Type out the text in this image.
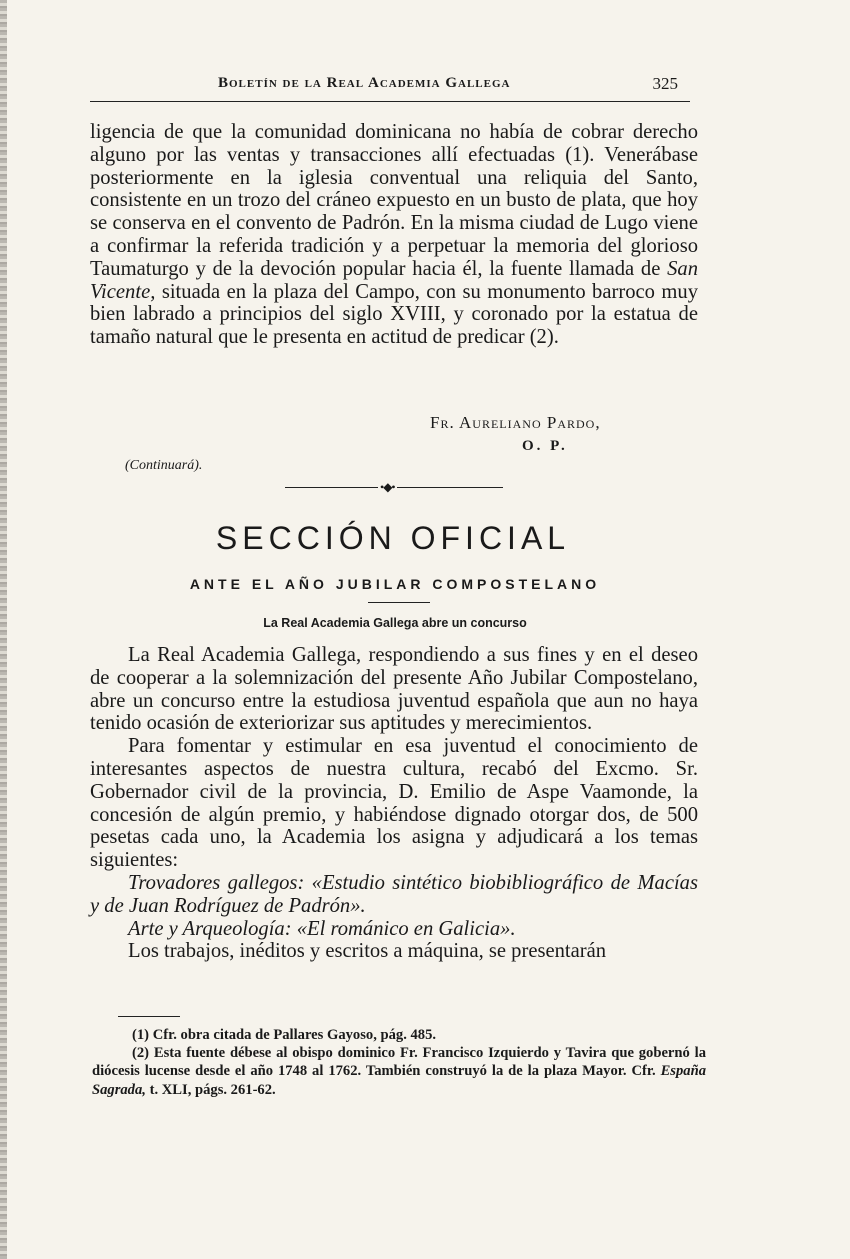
Boletín de la Real Academia Gallega	325

ligencia de que la comunidad dominicana no había de cobrar derecho alguno por las ventas y transacciones allí efectuadas (1). Venerábase posteriormente en la iglesia conventual una reliquia del Santo, consistente en un trozo del cráneo expuesto en un busto de plata, que hoy se conserva en el convento de Padrón. En la misma ciudad de Lugo viene a confirmar la referida tradición y a perpetuar la memoria del glorioso Taumaturgo y de la devoción popular hacia él, la fuente llamada de San Vicente, situada en la plaza del Campo, con su monumento barroco muy bien labrado a principios del siglo XVIII, y coronado por la estatua de tamaño natural que le presenta en actitud de predicar (2).

Fr. Aureliano Pardo,
O. P.
(Continuará).
•◆•
SECCIÓN OFICIAL
ANTE EL AÑO JUBILAR COMPOSTELANO
La Real Academia Gallega abre un concurso

La Real Academia Gallega, respondiendo a sus fines y en el deseo de cooperar a la solemnización del presente Año Jubilar Compostelano, abre un concurso entre la estudiosa juventud española que aun no haya tenido ocasión de exteriorizar sus aptitudes y merecimientos.

Para fomentar y estimular en esa juventud el conocimiento de interesantes aspectos de nuestra cultura, recabó del Excmo. Sr. Gobernador civil de la provincia, D. Emilio de Aspe Vaamonde, la concesión de algún premio, y habiéndose dignado otorgar dos, de 500 pesetas cada uno, la Academia los asigna y adjudicará a los temas siguientes:

Trovadores gallegos: «Estudio sintético biobibliográfico de Macías y de Juan Rodríguez de Padrón».

Arte y Arqueología: «El románico en Galicia».

Los trabajos, inéditos y escritos a máquina, se presentarán

(1) Cfr. obra citada de Pallares Gayoso, pág. 485.

(2) Esta fuente débese al obispo dominico Fr. Francisco Izquierdo y Tavira que gobernó la diócesis lucense desde el año 1748 al 1762. También construyó la de la plaza Mayor. Cfr. España Sagrada, t. XLI, págs. 261-62.
